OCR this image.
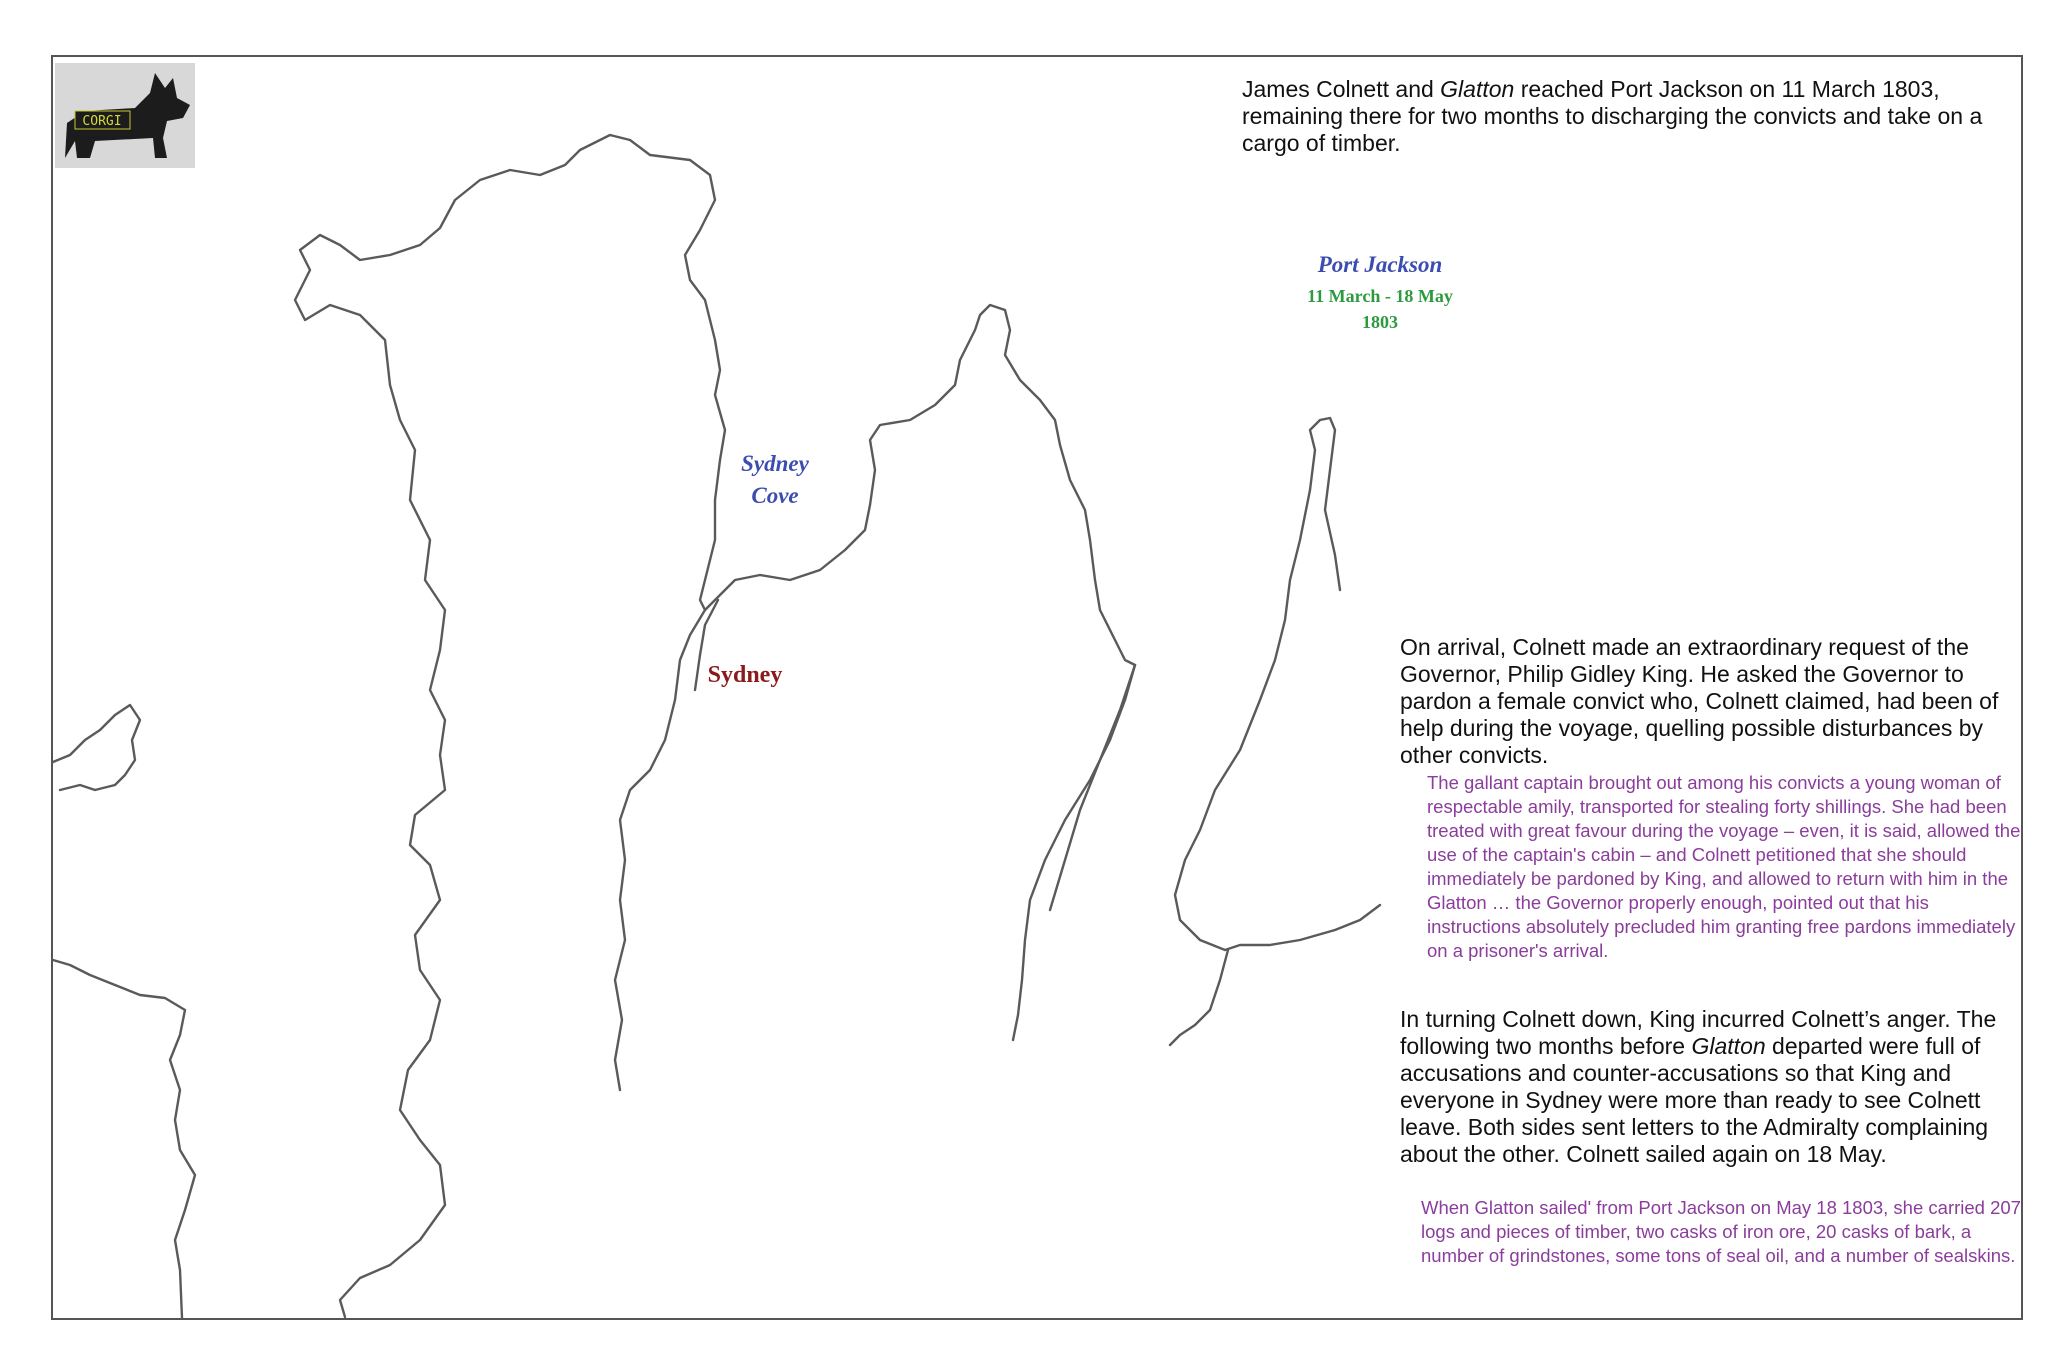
CORGI
James Colnett and Glatton reached Port Jackson on 11 March 1803, remaining there for two months to discharging the convicts and take on a cargo of timber.
Port Jackson
11 March - 18 May
1803
Sydney
Cove
Sydney
On arrival, Colnett made an extraordinary request of the Governor, Philip Gidley King. He asked the Governor to pardon a female convict who, Colnett claimed, had been of help during the voyage, quelling possible disturbances by other convicts.
The gallant captain brought out among his convicts a young woman of respectable amily, transported for stealing forty shillings. She had been treated with great favour during the voyage – even, it is said, allowed the use of the captain's cabin – and Colnett petitioned that she should immediately be pardoned by King, and allowed to return with him in the Glatton … the Governor properly enough, pointed out that his instructions absolutely precluded him granting free pardons immediately on a prisoner's arrival.
In turning Colnett down, King incurred Colnett’s anger. The following two months before Glatton departed were full of accusations and counter-accusations so that King and everyone in Sydney were more than ready to see Colnett leave. Both sides sent letters to the Admiralty complaining about the other. Colnett sailed again on 18 May.
When Glatton sailed' from Port Jackson on May 18 1803, she carried 207 logs and pieces of timber, two casks of iron ore, 20 casks of bark, a number of grindstones, some tons of seal oil, and a number of sealskins.
